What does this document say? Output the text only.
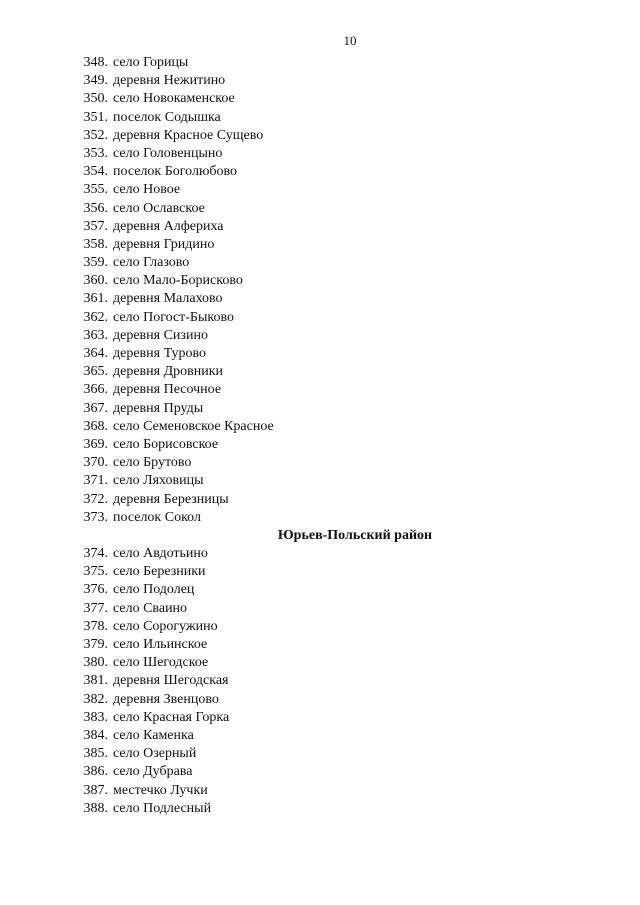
10
348. село Горицы
349. деревня Нежитино
350. село Новокаменское
351. поселок Содышка
352. деревня Красное Сущево
353. село Головенцыно
354. поселок Боголюбово
355. село Новое
356. село Ославское
357. деревня Алфериха
358. деревня Гридино
359. село Глазово
360. село Мало-Борисково
361. деревня Малахово
362. село Погост-Быково
363. деревня Сизино
364. деревня Турово
365. деревня Дровники
366. деревня Песочное
367. деревня Пруды
368. село Семеновское Красное
369. село Борисовское
370. село Брутово
371. село Ляховицы
372. деревня Березницы
373. поселок Сокол
Юрьев-Польский район
374. село Авдотьино
375. село Березники
376. село Подолец
377. село Сваино
378. село Сорогужино
379. село Ильинское
380. село Шегодское
381. деревня Шегодская
382. деревня Звенцово
383. село Красная Горка
384. село Каменка
385. село Озерный
386. село Дубрава
387. местечко Лучки
388. село Подлесный
